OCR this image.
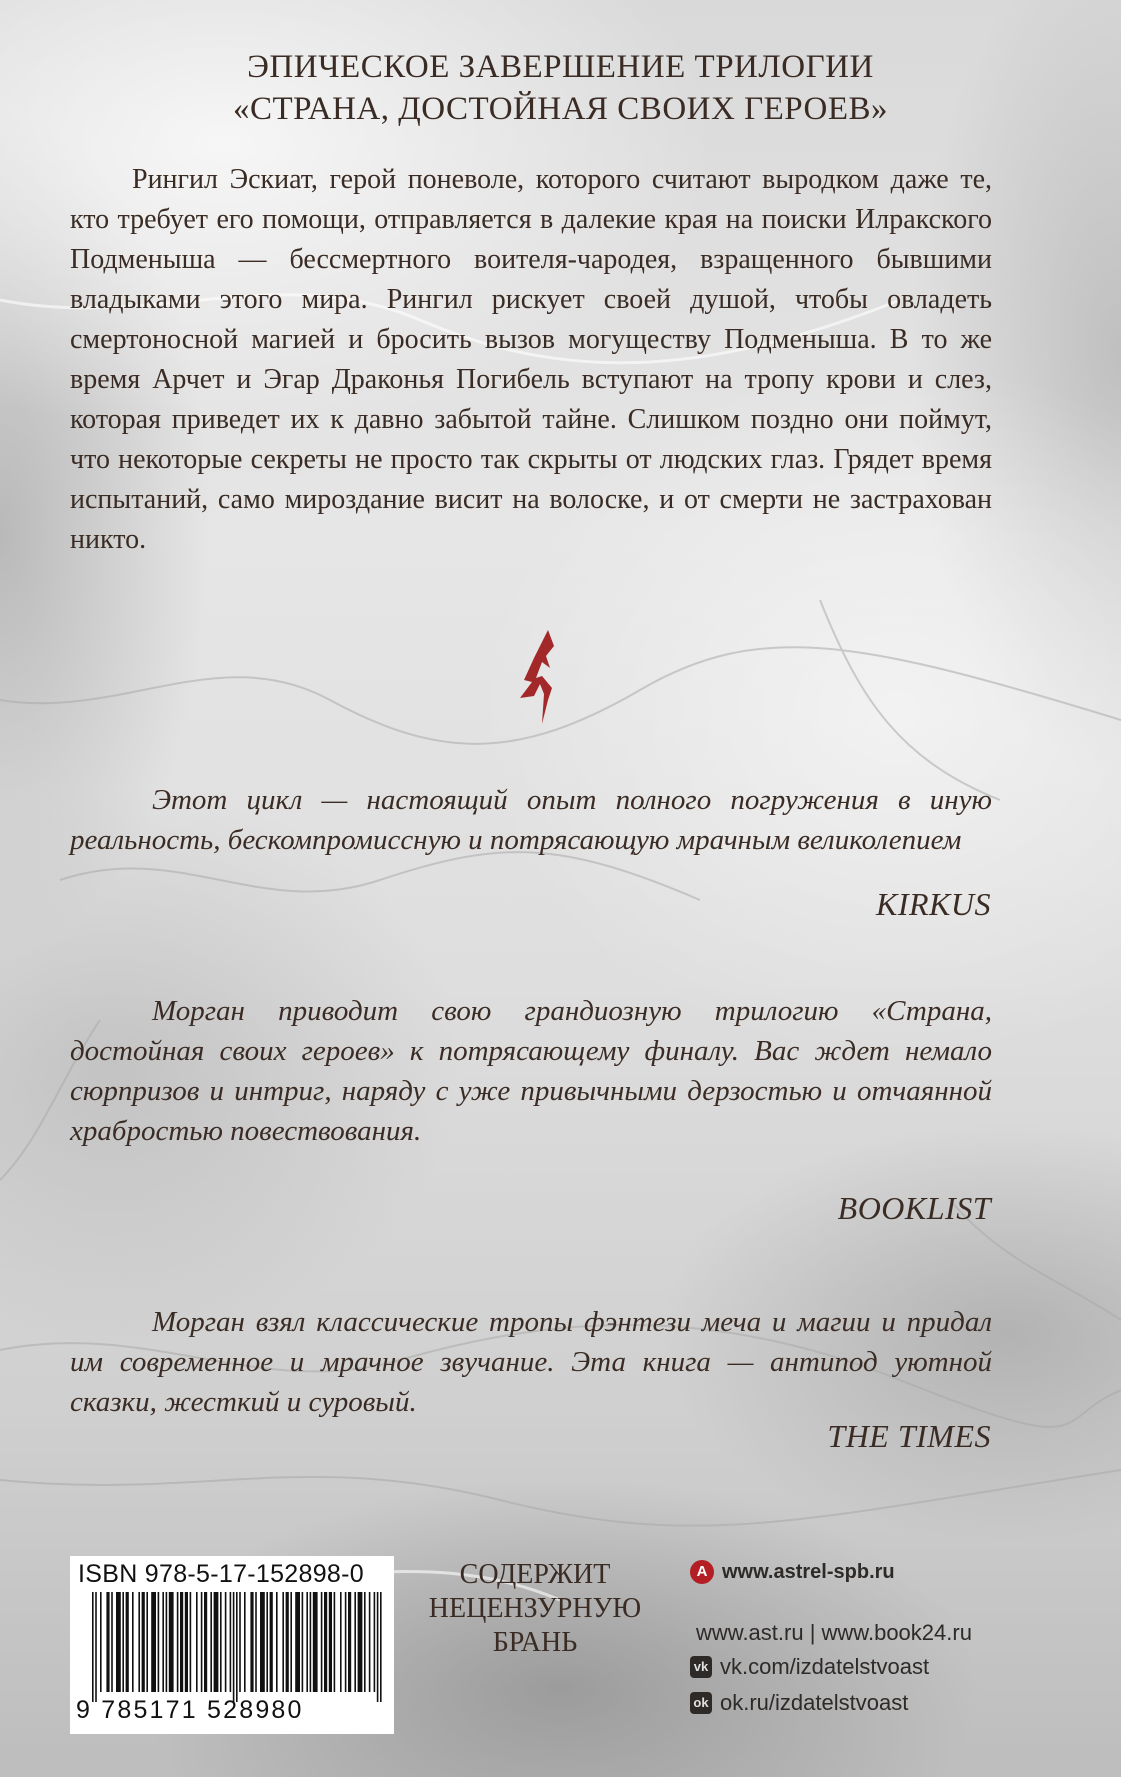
ЭПИЧЕСКОЕ ЗАВЕРШЕНИЕ ТРИЛОГИИ
«СТРАНА, ДОСТОЙНАЯ СВОИХ ГЕРОЕВ»

Рингил Эскиат, герой поневоле, которого считают выродком даже те, кто требует его помощи, отправляется в далекие края на поиски Илракского Подменыша — бессмертного воителя-чародея, взращенного бывшими владыками этого мира. Рингил рискует своей душой, чтобы овладеть смертоносной магией и бросить вызов могуществу Подменыша. В то же время Арчет и Эгар Драконья Погибель вступают на тропу крови и слез, которая приведет их к давно забытой тайне. Слишком поздно они поймут, что некоторые секреты не просто так скрыты от людских глаз. Грядет время испытаний, само мироздание висит на волоске, и от смерти не застрахован никто.

Этот цикл — настоящий опыт полного погружения в иную реальность, бескомпромиссную и потрясающую мрачным великолепием

KIRKUS

Морган приводит свою грандиозную трилогию «Страна, достойная своих героев» к потрясающему финалу. Вас ждет немало сюрпризов и интриг, наряду с уже привычными дерзостью и отчаянной храбростью повествования.

BOOKLIST

Морган взял классические тропы фэнтези меча и магии и придал им современное и мрачное звучание. Эта книга — антипод уютной сказки, жесткий и суровый.

THE TIMES
ISBN 978-5-17-152898-0
9 785171 528980
СОДЕРЖИТ
НЕЦЕНЗУРНУЮ
БРАНЬ
A www.astrel-spb.ru
www.ast.ru | www.book24.ru
vk vk.com/izdatelstvoast
ok ok.ru/izdatelstvoast
